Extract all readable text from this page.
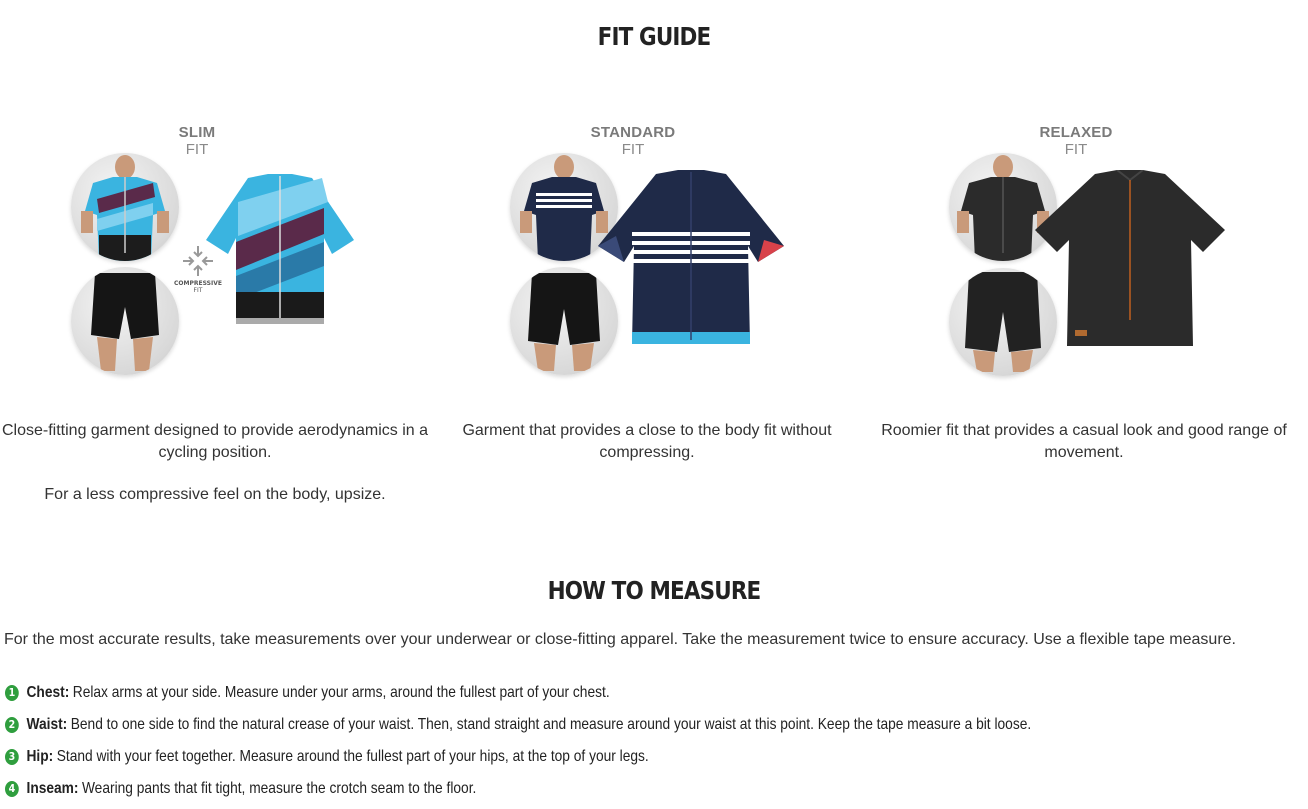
FIT GUIDE
SLIM
FIT
COMPRESSIVE
FIT

Close-fitting garment designed to provide aerodynamics in a cycling position.

For a less compressive feel on the body, upsize.

STANDARD
FIT

Garment that provides a close to the body fit without compressing.

RELAXED
FIT

Roomier fit that provides a casual look and good range of movement.

HOW TO MEASURE
For the most accurate results, take measurements over your underwear or close-fitting apparel. Take the measurement twice to ensure accuracy. Use a flexible tape measure.
1 Chest: Relax arms at your side. Measure under your arms, around the fullest part of your chest.
2 Waist: Bend to one side to find the natural crease of your waist. Then, stand straight and measure around your waist at this point. Keep the tape measure a bit loose.
3 Hip: Stand with your feet together. Measure around the fullest part of your hips, at the top of your legs.
4 Inseam: Wearing pants that fit tight, measure the crotch seam to the floor.
